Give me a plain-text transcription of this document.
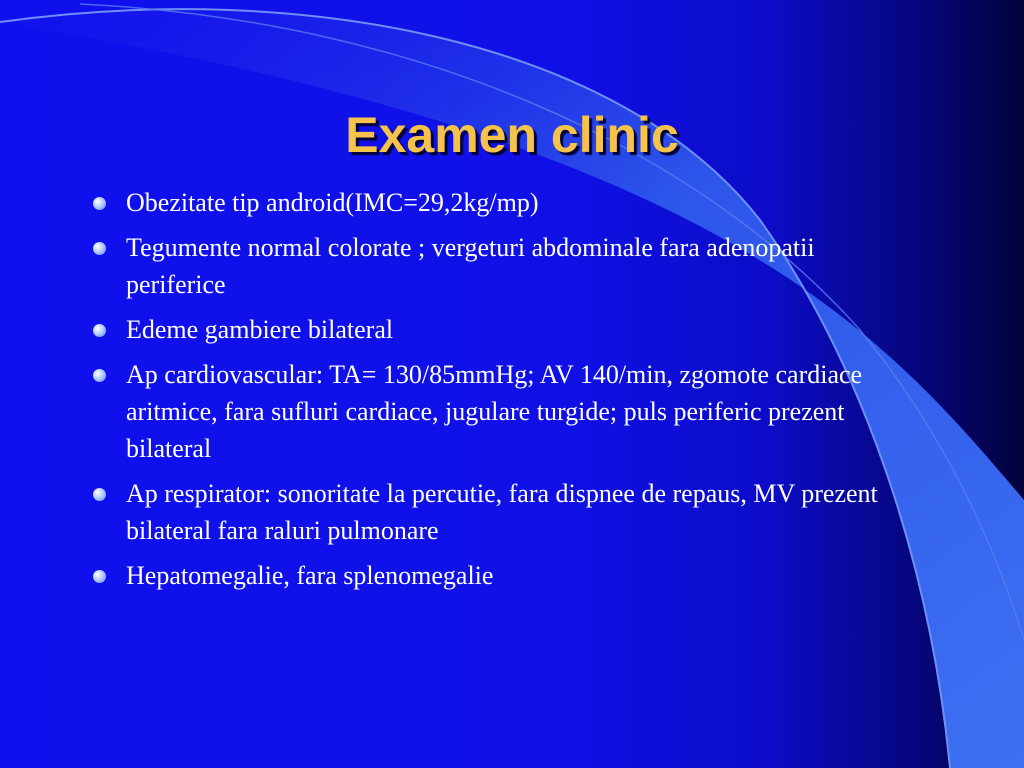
Examen clinic
Obezitate tip android(IMC=29,2kg/mp)
Tegumente normal colorate ; vergeturi abdominale fara adenopatii periferice
Edeme gambiere bilateral
Ap cardiovascular: TA= 130/85mmHg; AV 140/min, zgomote cardiace aritmice, fara sufluri cardiace, jugulare turgide; puls periferic prezent bilateral
Ap respirator: sonoritate la percutie, fara dispnee de repaus, MV prezent bilateral fara raluri pulmonare
Hepatomegalie, fara splenomegalie
